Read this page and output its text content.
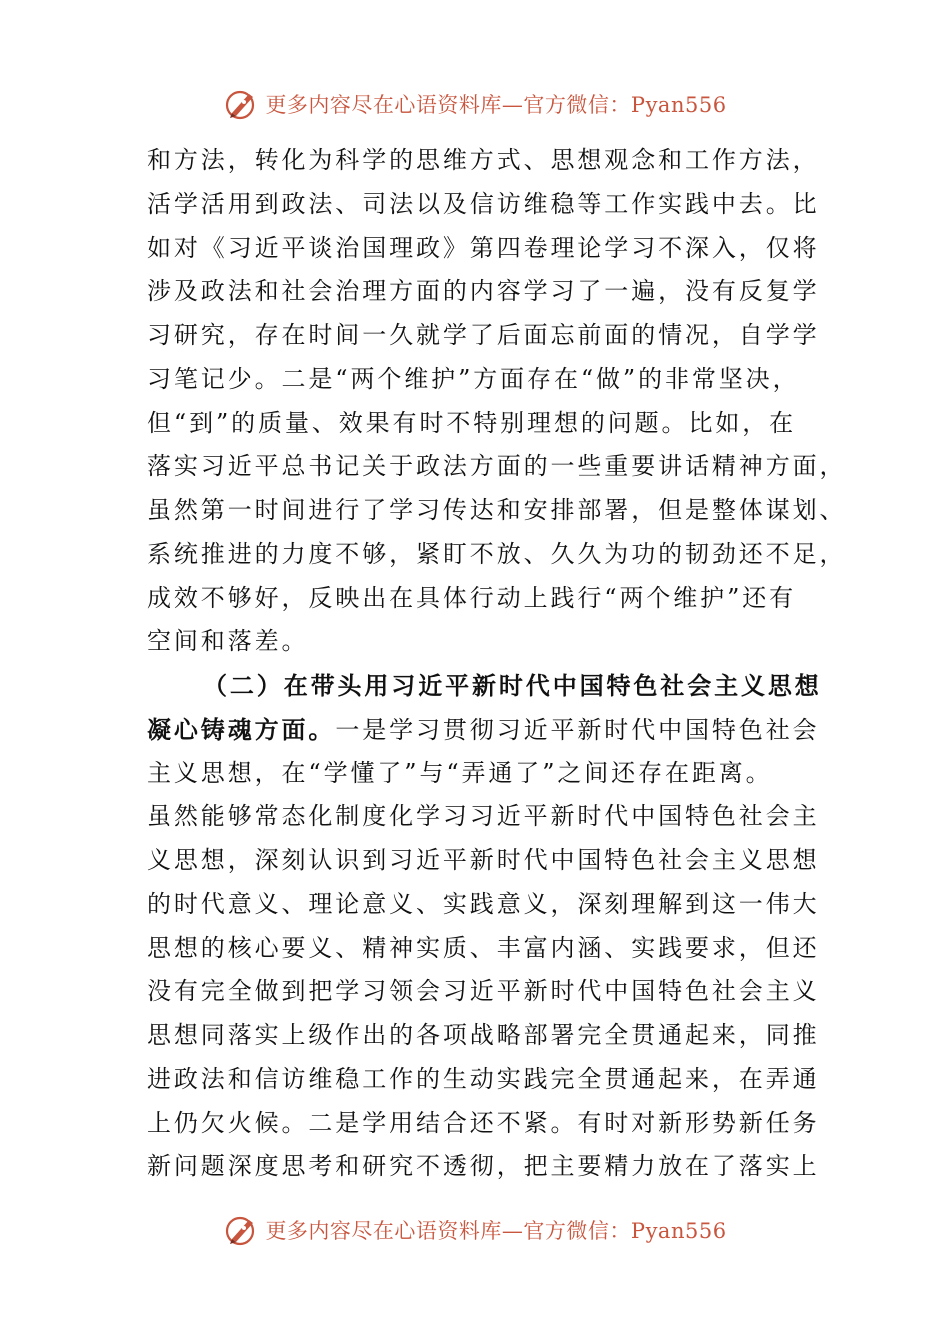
更多内容尽在心语资料库—官方微信：Pyan556
和方法，转化为科学的思维方式、思想观念和工作方法，
活学活用到政法、司法以及信访维稳等工作实践中去。比
如对《习近平谈治国理政》第四卷理论学习不深入，仅将
涉及政法和社会治理方面的内容学习了一遍，没有反复学
习研究，存在时间一久就学了后面忘前面的情况，自学学
习笔记少。二是“两个维护”方面存在“做”的非常坚决，
但“到”的质量、效果有时不特别理想的问题。比如，在
落实习近平总书记关于政法方面的一些重要讲话精神方面，
虽然第一时间进行了学习传达和安排部署，但是整体谋划、
系统推进的力度不够，紧盯不放、久久为功的韧劲还不足，
成效不够好，反映出在具体行动上践行“两个维护”还有
空间和落差。
（二）在带头用习近平新时代中国特色社会主义思想
凝心铸魂方面。一是学习贯彻习近平新时代中国特色社会
主义思想，在“学懂了”与“弄通了”之间还存在距离。
虽然能够常态化制度化学习习近平新时代中国特色社会主
义思想，深刻认识到习近平新时代中国特色社会主义思想
的时代意义、理论意义、实践意义，深刻理解到这一伟大
思想的核心要义、精神实质、丰富内涵、实践要求，但还
没有完全做到把学习领会习近平新时代中国特色社会主义
思想同落实上级作出的各项战略部署完全贯通起来，同推
进政法和信访维稳工作的生动实践完全贯通起来，在弄通
上仍欠火候。二是学用结合还不紧。有时对新形势新任务
新问题深度思考和研究不透彻，把主要精力放在了落实上
更多内容尽在心语资料库—官方微信：Pyan556
